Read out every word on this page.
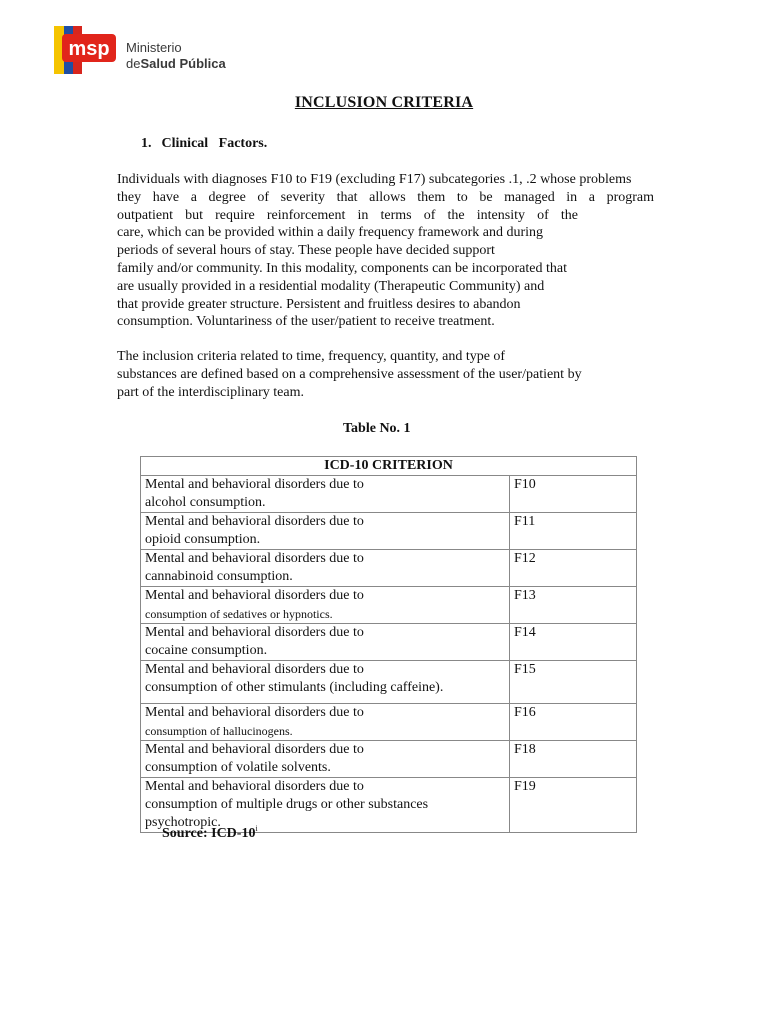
msp Ministerio
deSalud Pública
INCLUSION CRITERIA
1. Clinical   Factors.
Individuals with diagnoses F10 to F19 (excluding F17) subcategories .1, .2 whose problems
they have a degree of severity that allows them to be managed in a program
outpatient but require reinforcement in terms of the intensity of the
care, which can be provided within a daily frequency framework and during
periods of several hours of stay. These people have decided support
family and/or community. In this modality, components can be incorporated that
are usually provided in a residential modality (Therapeutic Community) and
that provide greater structure. Persistent and fruitless desires to abandon
consumption. Voluntariness of the user/patient to receive treatment.
The inclusion criteria related to time, frequency, quantity, and type of
substances are defined based on a comprehensive assessment of the user/patient by
part of the interdisciplinary team.
Table No. 1
ICD-10 CRITERION	

Mental and behavioral disorders due to
alcohol consumption.	F10

Mental and behavioral disorders due to
opioid consumption.	F11

Mental and behavioral disorders due to
cannabinoid consumption.	F12

Mental and behavioral disorders due to
consumption of sedatives or hypnotics.	F13

Mental and behavioral disorders due to
cocaine consumption.	F14

Mental and behavioral disorders due to
consumption of other stimulants (including caffeine).	F15

Mental and behavioral disorders due to
consumption of hallucinogens.	F16

Mental and behavioral disorders due to
consumption of volatile solvents.	F18

Mental and behavioral disorders due to
consumption of multiple drugs or other substances
psychotropic.	F19
Source: ICD-10$^i$
